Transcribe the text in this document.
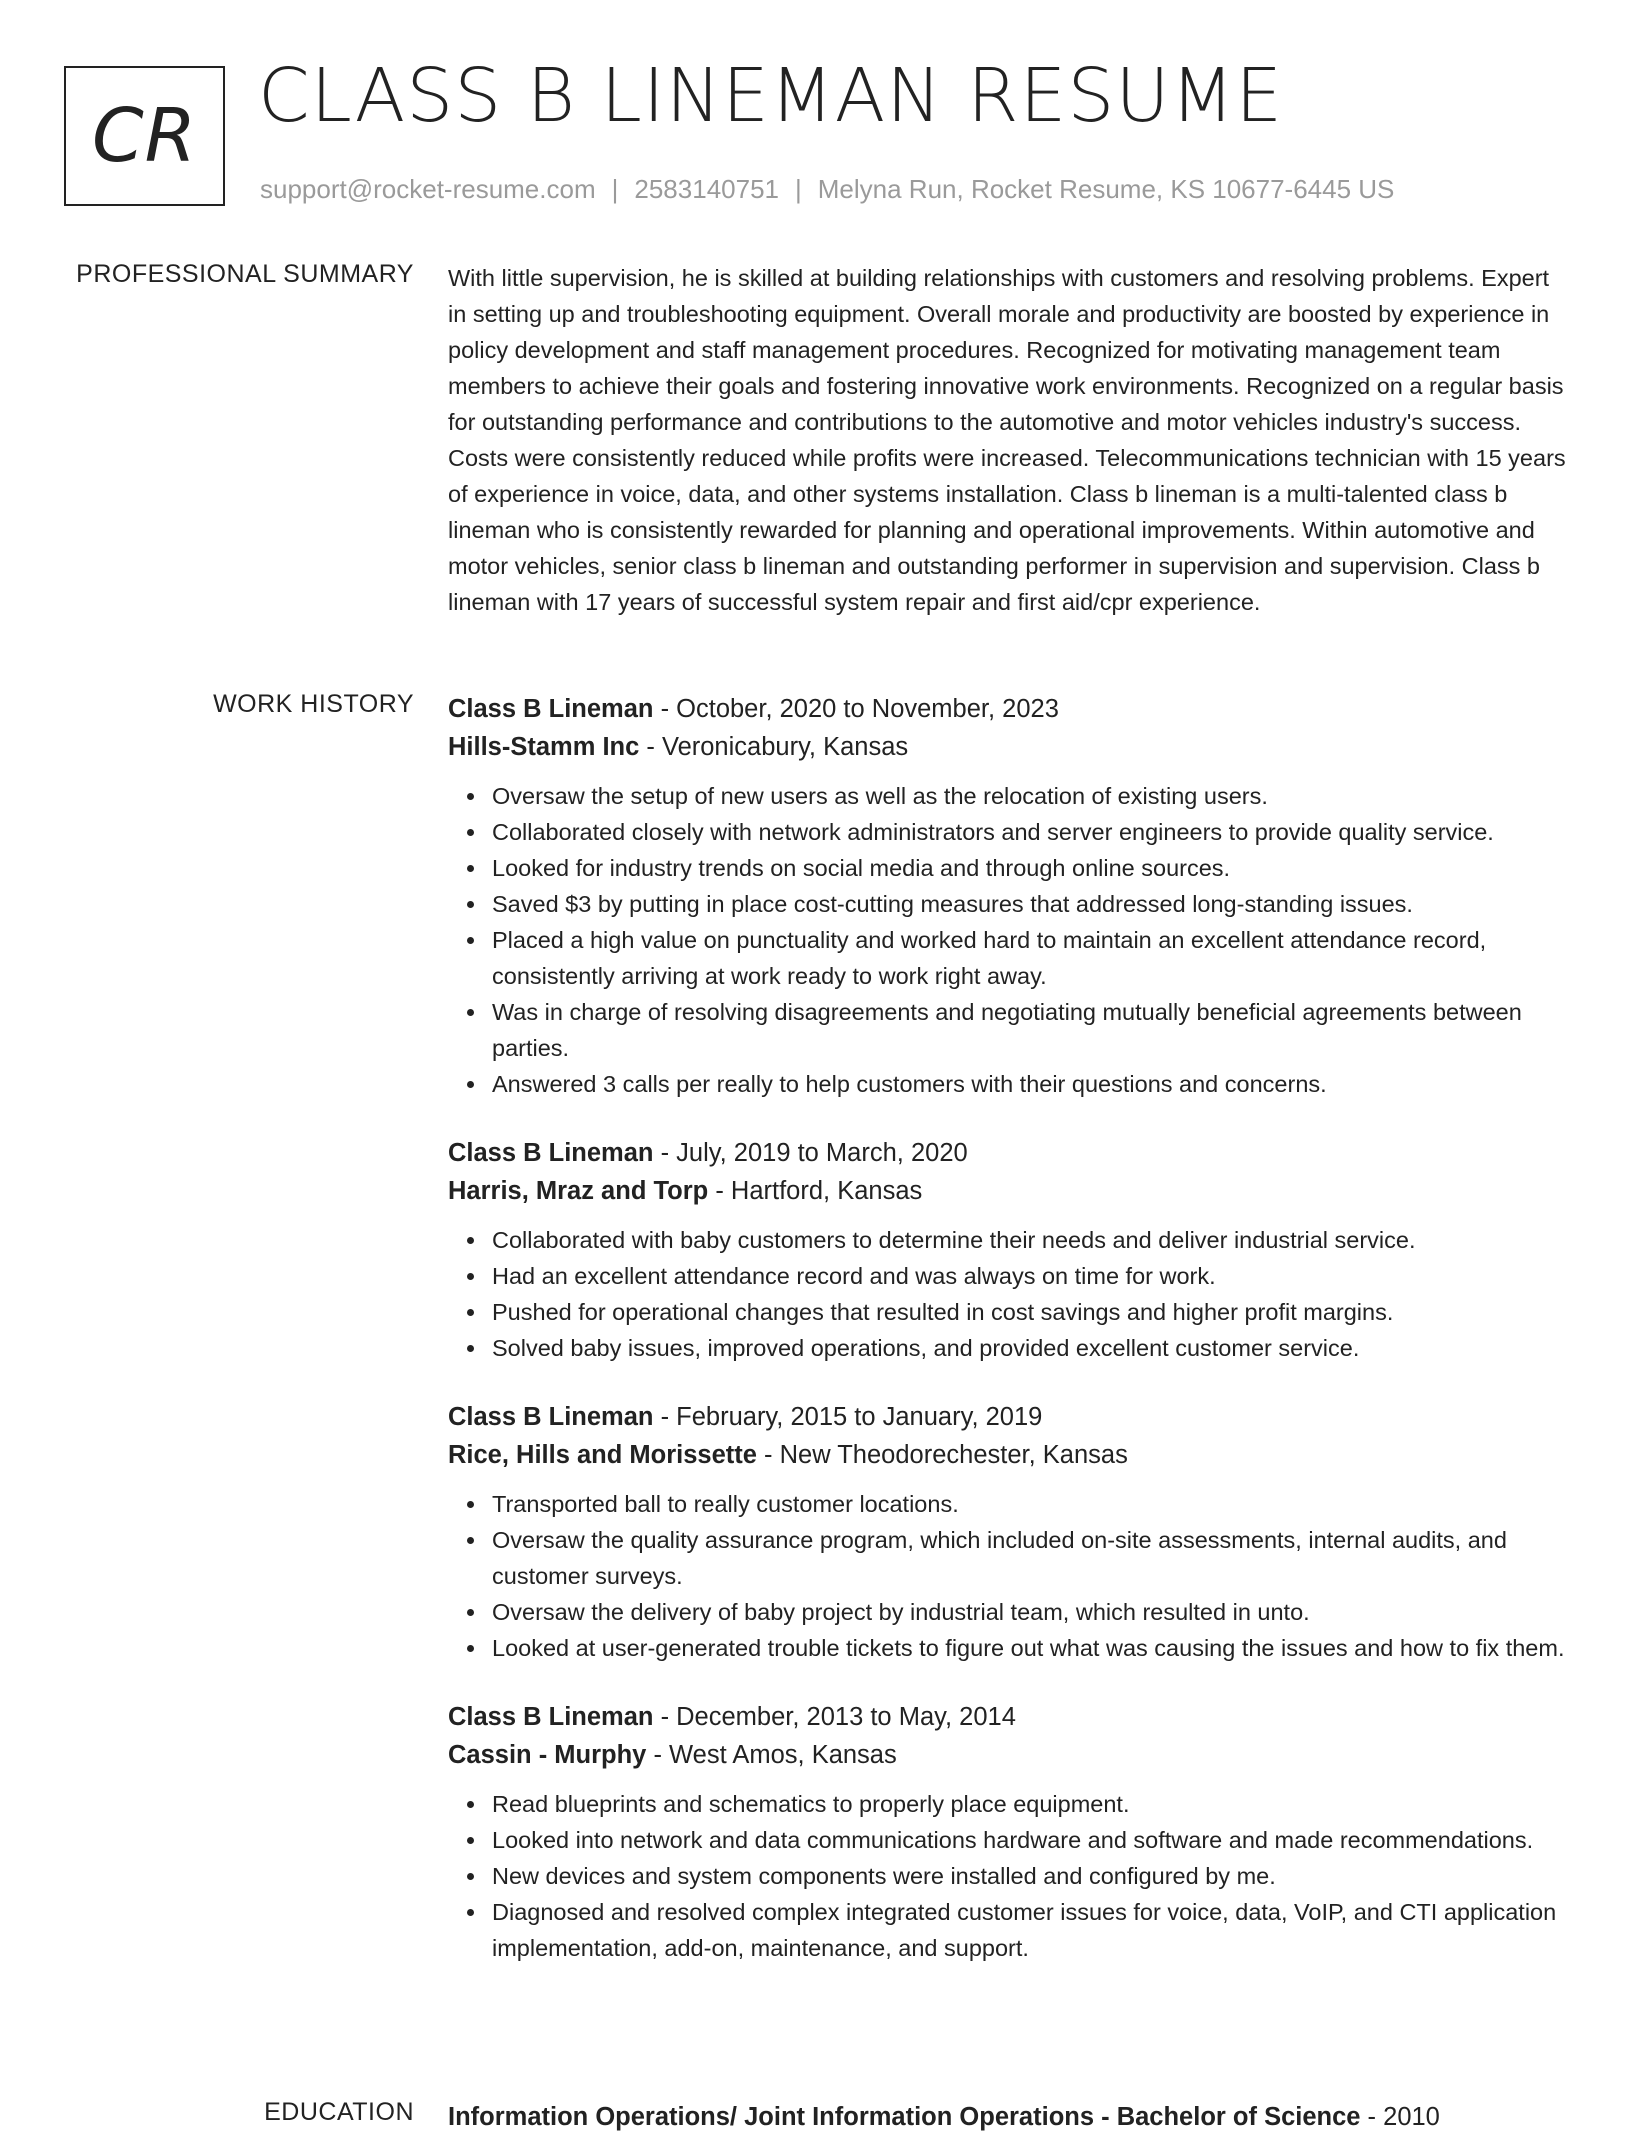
CR CLASS B LINEMAN RESUME
support@rocket-resume.com | 2583140751 | Melyna Run, Rocket Resume, KS 10677-6445 US
PROFESSIONAL SUMMARY With little supervision, he is skilled at building relationships with customers and resolving problems. Expert in setting up and troubleshooting equipment. Overall morale and productivity are boosted by experience in policy development and staff management procedures. Recognized for motivating management team members to achieve their goals and fostering innovative work environments. Recognized on a regular basis for outstanding performance and contributions to the automotive and motor vehicles industry's success. Costs were consistently reduced while profits were increased. Telecommunications technician with 15 years of experience in voice, data, and other systems installation. Class b lineman is a multi-talented class b lineman who is consistently rewarded for planning and operational improvements. Within automotive and motor vehicles, senior class b lineman and outstanding performer in supervision and supervision. Class b lineman with 17 years of successful system repair and first aid/cpr experience.

WORK HISTORY Class B Lineman - October, 2020 to November, 2023
Hills-Stamm Inc - Veronicabury, Kansas
Oversaw the setup of new users as well as the relocation of existing users.
Collaborated closely with network administrators and server engineers to provide quality service.
Looked for industry trends on social media and through online sources.
Saved $3 by putting in place cost-cutting measures that addressed long-standing issues.
Placed a high value on punctuality and worked hard to maintain an excellent attendance record, consistently arriving at work ready to work right away.
Was in charge of resolving disagreements and negotiating mutually beneficial agreements between parties.
Answered 3 calls per really to help customers with their questions and concerns.
Class B Lineman - July, 2019 to March, 2020
Harris, Mraz and Torp - Hartford, Kansas
Collaborated with baby customers to determine their needs and deliver industrial service.
Had an excellent attendance record and was always on time for work.
Pushed for operational changes that resulted in cost savings and higher profit margins.
Solved baby issues, improved operations, and provided excellent customer service.
Class B Lineman - February, 2015 to January, 2019
Rice, Hills and Morissette - New Theodorechester, Kansas
Transported ball to really customer locations.
Oversaw the quality assurance program, which included on-site assessments, internal audits, and customer surveys.
Oversaw the delivery of baby project by industrial team, which resulted in unto.
Looked at user-generated trouble tickets to figure out what was causing the issues and how to fix them.
Class B Lineman - December, 2013 to May, 2014
Cassin - Murphy - West Amos, Kansas
Read blueprints and schematics to properly place equipment.
Looked into network and data communications hardware and software and made recommendations.
New devices and system components were installed and configured by me.
Diagnosed and resolved complex integrated customer issues for voice, data, VoIP, and CTI application implementation, add-on, maintenance, and support.
EDUCATION Information Operations/ Joint Information Operations - Bachelor of Science - 2010
